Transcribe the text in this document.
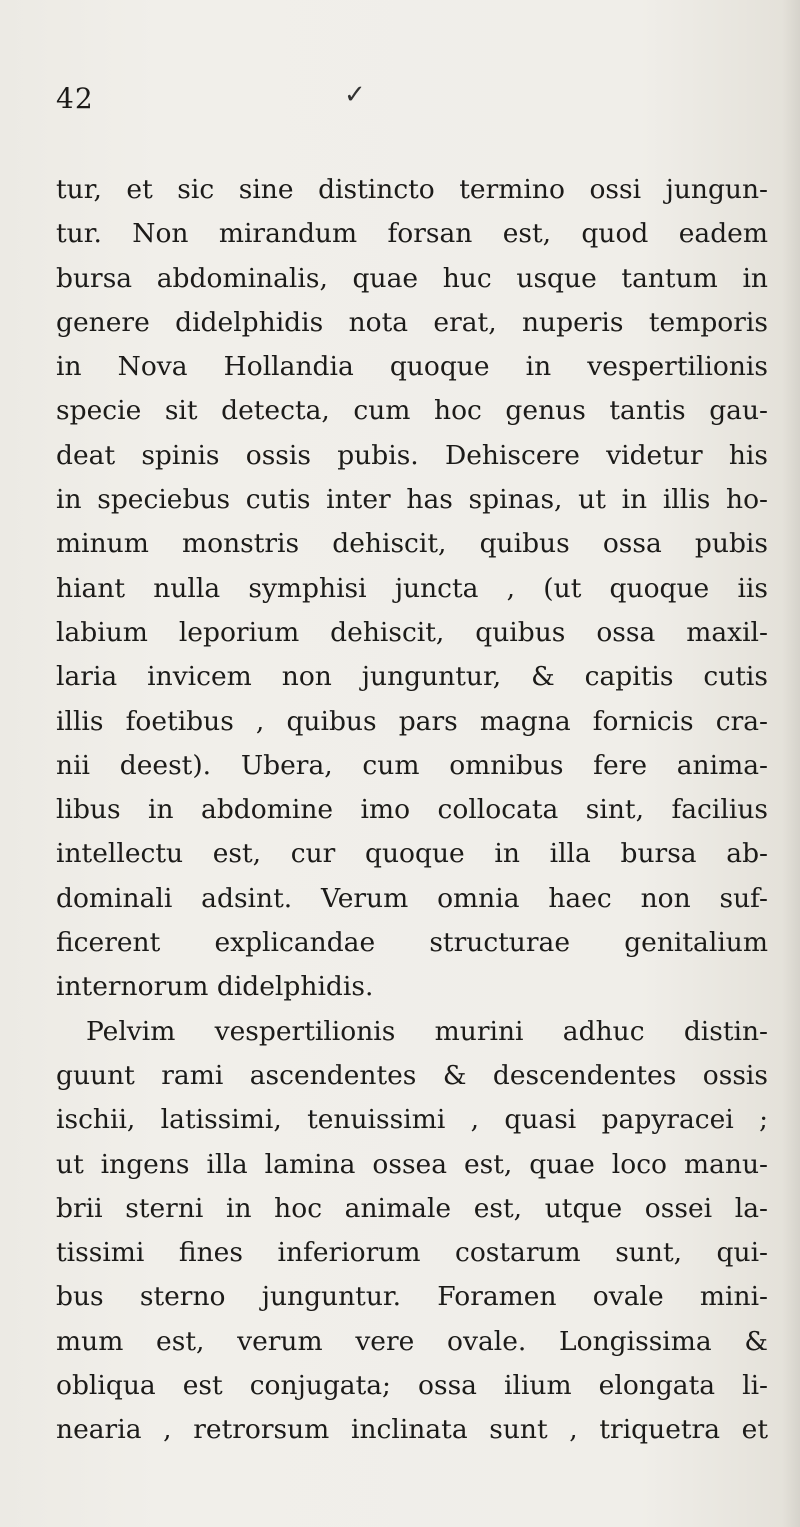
42	✓
tur, et sic sine distincto termino ossi jungun-
tur. Non mirandum forsan est, quod eadem
bursa abdominalis, quae huc usque tantum in
genere didelphidis nota erat, nuperis temporis
in Nova Hollandia quoque in vespertilionis
specie sit detecta, cum hoc genus tantis gau-
deat spinis ossis pubis. Dehiscere videtur his
in speciebus cutis inter has spinas, ut in illis ho-
minum monstris dehiscit, quibus ossa pubis
hiant nulla symphisi juncta , (ut quoque iis
labium leporium dehiscit, quibus ossa maxil-
laria invicem non junguntur, & capitis cutis
illis foetibus , quibus pars magna fornicis cra-
nii deest). Ubera, cum omnibus fere anima-
libus in abdomine imo collocata sint, facilius
intellectu est, cur quoque in illa bursa ab-
dominali adsint. Verum omnia haec non suf-
ficerent explicandae structurae genitalium
internorum didelphidis.
Pelvim vespertilionis murini adhuc distin-
guunt rami ascendentes & descendentes ossis
ischii, latissimi, tenuissimi , quasi papyracei ;
ut ingens illa lamina ossea est, quae loco manu-
brii sterni in hoc animale est, utque ossei la-
tissimi fines inferiorum costarum sunt, qui-
bus sterno junguntur. Foramen ovale mini-
mum est, verum vere ovale. Longissima &
obliqua est conjugata; ossa ilium elongata li-
nearia , retrorsum inclinata sunt , triquetra et
